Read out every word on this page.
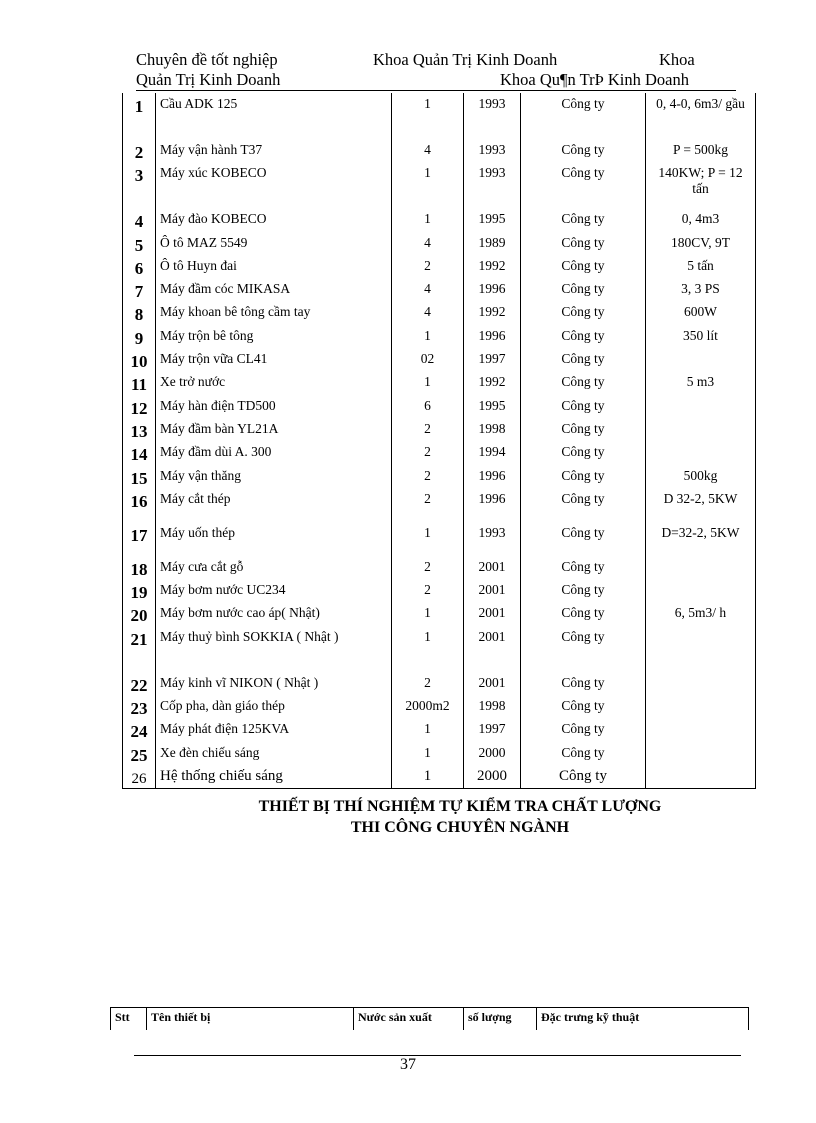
Chuyên đề tốt nghiệp	Khoa Quản Trị Kinh Doanh	Khoa
Quản Trị Kinh Doanh	Khoa Qu¶n TrÞ Kinh Doanh
1	Cầu ADK 125	1	1993	Công ty	0, 4-0, 6m3/ gầu
2	Máy vận hành T37	4	1993	Công ty	P = 500kg
3	Máy xúc KOBECO	1	1993	Công ty	140KW; P = 12 tấn
4	Máy đào KOBECO	1	1995	Công ty	0, 4m3
5	Ô tô MAZ 5549	4	1989	Công ty	180CV, 9T
6	Ô tô Huyn đai	2	1992	Công ty	5 tấn
7	Máy đầm cóc MIKASA	4	1996	Công ty	3, 3 PS
8	Máy khoan bê tông cầm tay	4	1992	Công ty	600W
9	Máy trộn bê tông	1	1996	Công ty	350 lít
10	Máy trộn vữa CL41	02	1997	Công ty	
11	Xe trở nước	1	1992	Công ty	5 m3
12	Máy hàn điện TD500	6	1995	Công ty	
13	Máy đầm bàn YL21A	2	1998	Công ty	
14	Máy đầm dùi A. 300	2	1994	Công ty	
15	Máy vận thăng	2	1996	Công ty	500kg
16	Máy cắt thép	2	1996	Công ty	D 32-2, 5KW
17	Máy uốn thép	1	1993	Công ty	D=32-2, 5KW
18	Máy cưa cắt gỗ	2	2001	Công ty	
19	Máy bơm nước UC234	2	2001	Công ty	
20	Máy bơm nước cao áp( Nhật)	1	2001	Công ty	6, 5m3/ h
21	Máy thuỷ bình SOKKIA ( Nhật )	1	2001	Công ty	
22	Máy kinh vĩ NIKON ( Nhật )	2	2001	Công ty	
23	Cốp pha, dàn giáo thép	2000m2	1998	Công ty	
24	Máy phát điện 125KVA	1	1997	Công ty	
25	Xe đèn chiếu sáng	1	2000	Công ty	
26	Hệ thống chiếu sáng	1	2000	Công ty	
THIẾT BỊ THÍ NGHIỆM TỰ KIỂM TRA CHẤT LƯỢNG
THI CÔNG CHUYÊN NGÀNH
Stt	Tên thiết bị	Nước sản xuất	số lượng	Đặc trưng kỹ thuật
37
